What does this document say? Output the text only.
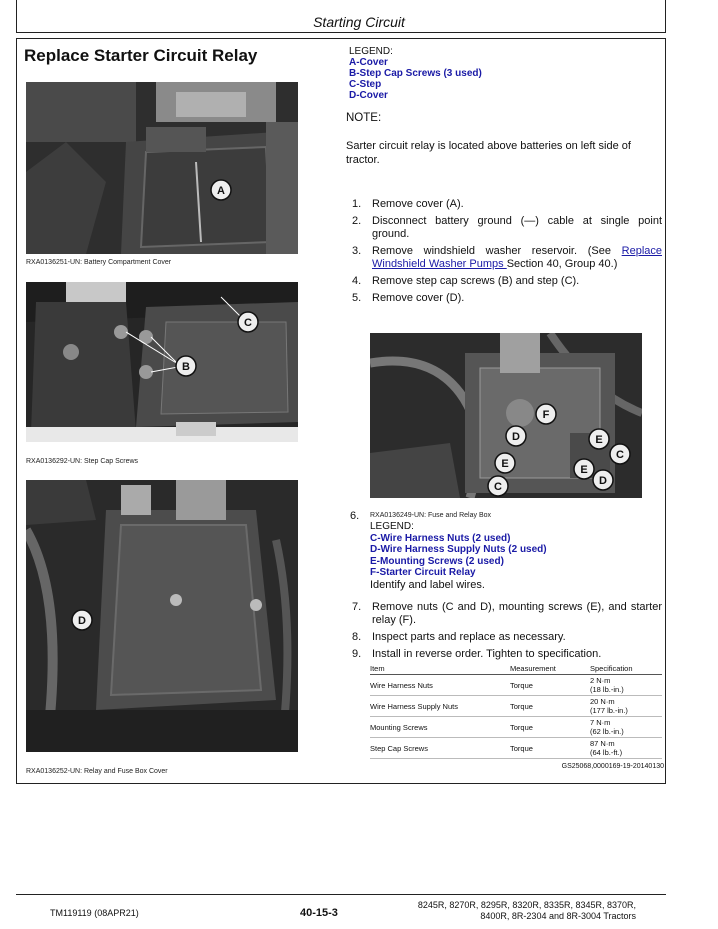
Starting Circuit
Replace Starter Circuit Relay
A
RXA0136251-UN: Battery Compartment Cover
C
B
RXA0136292-UN: Step Cap Screws
D
RXA0136252-UN: Relay and Fuse Box Cover
LEGEND:
A-Cover
B-Step Cap Screws (3 used)
C-Step
D-Cover
NOTE:
Sarter circuit relay is located above batteries on left side of tractor.
1. Remove cover (A).
2. Disconnect battery ground (—) cable at single point ground.
3. Remove windshield washer reservoir. (See Replace Windshield Washer Pumps Section 40, Group 40.)
4. Remove step cap screws (B) and step (C).
5. Remove cover (D).
F
D	E
E
C
E
C	D
6. RXA0136249-UN: Fuse and Relay Box
LEGEND:
C-Wire Harness Nuts (2 used)
D-Wire Harness Supply Nuts (2 used)
E-Mounting Screws (2 used)
F-Starter Circuit Relay
Identify and label wires.
7. Remove nuts (C and D), mounting screws (E), and starter relay (F).
8. Inspect parts and replace as necessary.
9. Install in reverse order. Tighten to specification.
Item	Measurement	Specification
Wire Harness Nuts	Torque	2 N·m
(18 lb.-in.)

Wire Harness Supply Nuts	Torque	20 N·m
(177 lb.-in.)

Mounting Screws	Torque	7 N·m
(62 lb.-in.)

Step Cap Screws	Torque	87 N·m
(64 lb.-ft.)
GS25068,0000169-19-20140130
TM119119 (08APR21)	40-15-3
8245R, 8270R, 8295R, 8320R, 8335R, 8345R, 8370R,
8400R, 8R-2304 and 8R-3004 Tractors
